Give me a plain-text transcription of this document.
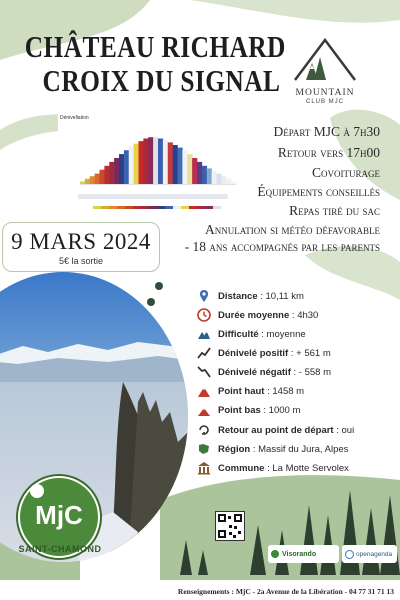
CHÂTEAU RICHARD
CROIX DU SIGNAL	MOUNTAIN
CLUB MJC
Dénivellation
Départ MJC à 7h30
Retour vers 17h00
Covoiturage
Équipements conseillés
Repas tiré du sac
Annulation si météo défavorable
- 18 ans accompagnés par les parents
9 MARS 2024
5€ la sortie
Distance : 10,11 km
Durée moyenne : 4h30
Difficulté : moyenne
Dénivelé positif : + 561 m
Dénivelé négatif : - 558 m
Point haut : 1458 m
Point bas : 1000 m
Retour au point de départ : oui
Région : Massif du Jura, Alpes
Commune : La Motte Servolex
MjC
SAINT-CHAMOND	Visorando	openagenda
Renseignements : MjC - 2a Avenue de la Libération - 04 77 31 71 13
